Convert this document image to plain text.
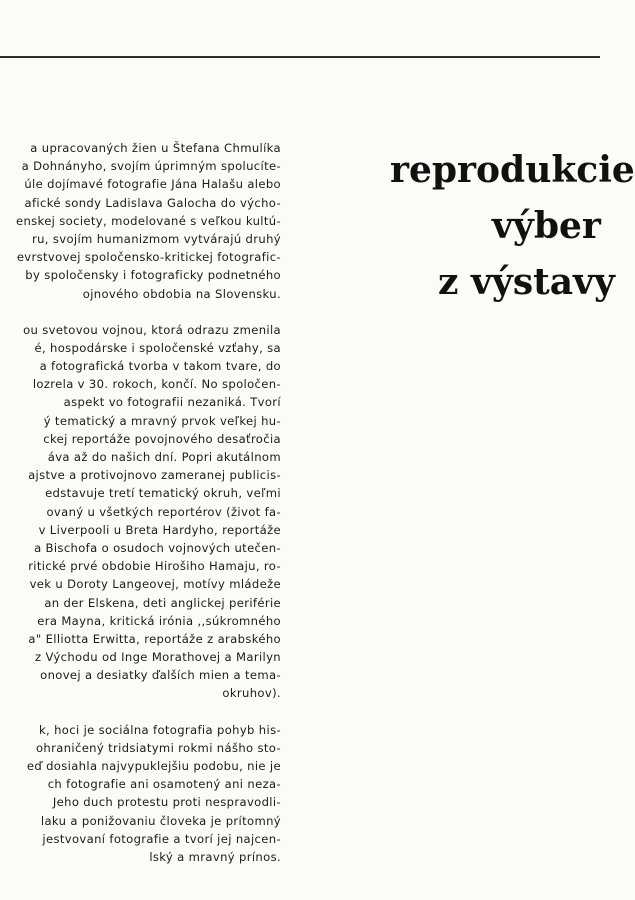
a upracovaných žien u Štefana Chmulíka
a Dohnányho, svojím úprimným spolucíte-
úle dojímavé fotografie Jána Halašu alebo
afické sondy Ladislava Galocha do výcho-
enskej society, modelované s veľkou kultú-
ru, svojím humanizmom vytvárajú druhý
evrstvovej spoločensko-kritickej fotografic-
by spoločensky i fotograficky podnetného
ojnového obdobia na Slovensku.
ou svetovou vojnou, ktorá odrazu zmenila
é, hospodárske i spoločenské vzťahy, sa
a fotografická tvorba v takom tvare, do
lozrela v 30. rokoch, končí. No spoločen-
aspekt vo fotografii nezaniká. Tvorí
ý tematický a mravný prvok veľkej hu-
ckej reportáže povojnového desaťročia
áva až do našich dní. Popri akutálnom
ajstve a protivojnovo zameranej publicis-
edstavuje tretí tematický okruh, veľmi
ovaný u všetkých reportérov (život fa-
v Liverpooli u Breta Hardyho, reportáže
a Bischofa o osudoch vojnových utečen-
ritické prvé obdobie Hirošiho Hamaju, ro-
vek u Doroty Langeovej, motívy mládeže
an der Elskena, deti anglickej periférie
era Mayna, kritická irónia ,,súkromného
a" Elliotta Erwitta, reportáže z arabského
z Východu od Inge Morathovej a Marilyn
onovej a desiatky ďalších mien a tema-
okruhov).
k, hoci je sociálna fotografia pohyb his-
ohraničený tridsiatymi rokmi nášho sto-
eď dosiahla najvypuklejšiu podobu, nie je
ch fotografie ani osamotený ani neza-
Jeho duch protestu proti nespravodli-
laku a ponižovaniu človeka je prítomný
jestvovaní fotografie a tvorí jej najcen-
lský a mravný prínos.
reprodukcie
výber
z výstavy
